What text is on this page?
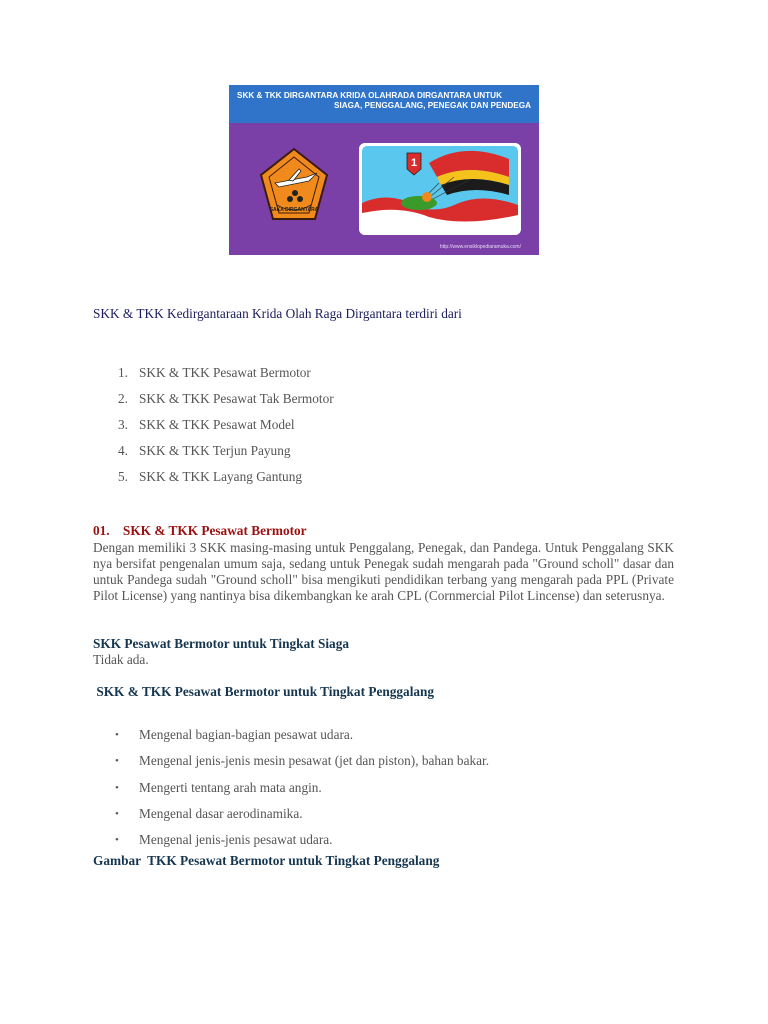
SKK & TKK DIRGANTARA KRIDA OLAHRADA DIRGANTARA UNTUK
SIAGA, PENGGALANG, PENEGAK DAN PENDEGA
SAKA DIRGANTARA
1
http://www.ensiklopediaramuka.com/

SKK & TKK Kedirgantaraan Krida Olah Raga Dirgantara terdiri dari

1. SKK & TKK Pesawat Bermotor
2. SKK & TKK Pesawat Tak Bermotor
3. SKK & TKK Pesawat Model
4. SKK & TKK Terjun Payung
5. SKK & TKK Layang Gantung

01.    SKK & TKK Pesawat Bermotor

Dengan memiliki 3 SKK masing-masing untuk Penggalang, Penegak, dan Pandega. Untuk Penggalang SKK nya bersifat pengenalan umum saja, sedang untuk Penegak sudah mengarah pada "Ground scholl" dasar dan untuk Pandega sudah "Ground scholl" bisa mengikuti pendidikan terbang yang mengarah pada PPL (Private Pilot License) yang nantinya bisa dikembangkan ke arah CPL (Cornmercial Pilot Lincense) dan seterusnya.

SKK Pesawat Bermotor untuk Tingkat Siaga

Tidak ada.

SKK & TKK Pesawat Bermotor untuk Tingkat Penggalang

• Mengenal bagian-bagian pesawat udara.
• Mengenal jenis-jenis mesin pesawat (jet dan piston), bahan bakar.
• Mengerti tentang arah mata angin.
• Mengenal dasar aerodinamika.
• Mengenal jenis-jenis pesawat udara.

Gambar  TKK Pesawat Bermotor untuk Tingkat Penggalang
